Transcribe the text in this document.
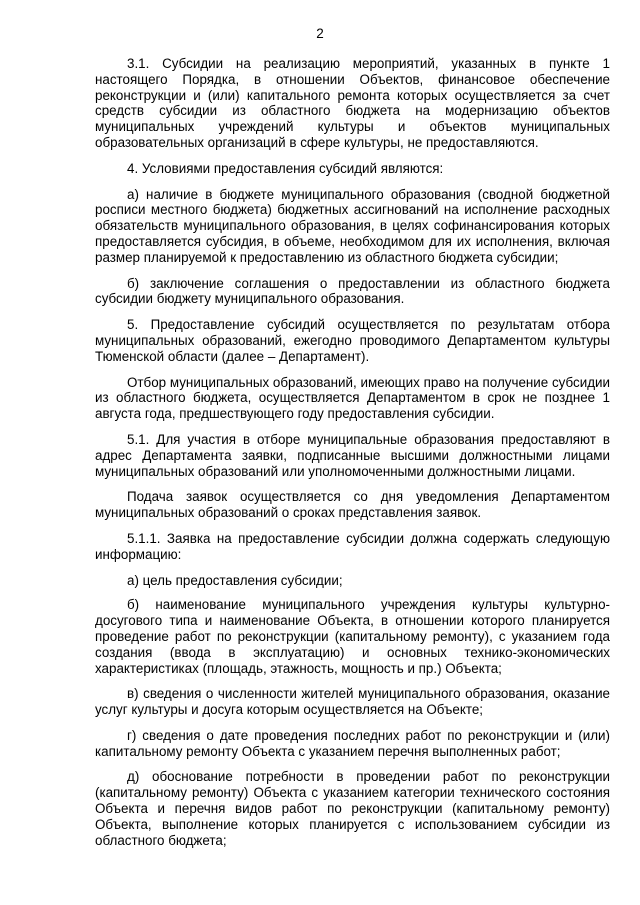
2

3.1. Субсидии на реализацию мероприятий, указанных в пункте 1 настоящего Порядка, в отношении Объектов, финансовое обеспечение реконструкции и (или) капитального ремонта которых осуществляется за счет средств субсидии из областного бюджета на модернизацию объектов муниципальных учреждений культуры и объектов муниципальных образовательных организаций в сфере культуры, не предоставляются.

4. Условиями предоставления субсидий являются:

а) наличие в бюджете муниципального образования (сводной бюджетной росписи местного бюджета) бюджетных ассигнований на исполнение расходных обязательств муниципального образования, в целях софинансирования которых предоставляется субсидия, в объеме, необходимом для их исполнения, включая размер планируемой к предоставлению из областного бюджета субсидии;

б) заключение соглашения о предоставлении из областного бюджета субсидии бюджету муниципального образования.

5. Предоставление субсидий осуществляется по результатам отбора муниципальных образований, ежегодно проводимого Департаментом культуры Тюменской области (далее – Департамент).

Отбор муниципальных образований, имеющих право на получение субсидии из областного бюджета, осуществляется Департаментом в срок не позднее 1 августа года, предшествующего году предоставления субсидии.

5.1. Для участия в отборе муниципальные образования предоставляют в адрес Департамента заявки, подписанные высшими должностными лицами муниципальных образований или уполномоченными должностными лицами.

Подача заявок осуществляется со дня уведомления Департаментом муниципальных образований о сроках представления заявок.

5.1.1. Заявка на предоставление субсидии должна содержать следующую информацию:

а) цель предоставления субсидии;

б) наименование муниципального учреждения культуры культурно-досугового типа и наименование Объекта, в отношении которого планируется проведение работ по реконструкции (капитальному ремонту), с указанием года создания (ввода в эксплуатацию) и основных технико-экономических характеристиках (площадь, этажность, мощность и пр.) Объекта;

в) сведения о численности жителей муниципального образования, оказание услуг культуры и досуга которым осуществляется на Объекте;

г) сведения о дате проведения последних работ по реконструкции и (или) капитальному ремонту Объекта с указанием перечня выполненных работ;

д) обоснование потребности в проведении работ по реконструкции (капитальному ремонту) Объекта с указанием категории технического состояния Объекта и перечня видов работ по реконструкции (капитальному ремонту) Объекта, выполнение которых планируется с использованием субсидии из областного бюджета;
